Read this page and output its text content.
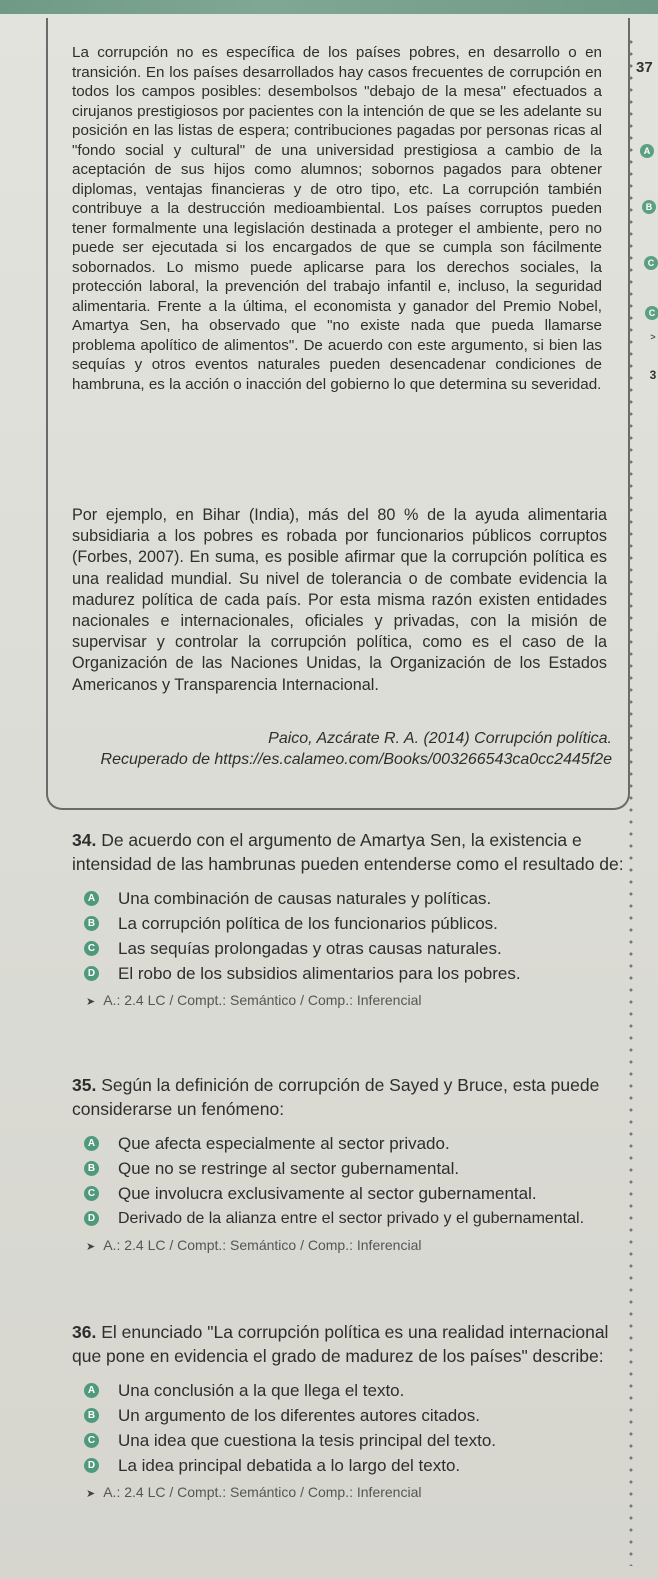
La corrupción no es específica de los países pobres, en desarrollo o en transición. En los países desarrollados hay casos frecuentes de corrupción en todos los campos posibles: desembolsos "debajo de la mesa" efectuados a cirujanos prestigiosos por pacientes con la intención de que se les adelante su posición en las listas de espera; contribuciones pagadas por personas ricas al "fondo social y cultural" de una universidad prestigiosa a cambio de la aceptación de sus hijos como alumnos; sobornos pagados para obtener diplomas, ventajas financieras y de otro tipo, etc. La corrupción también contribuye a la destrucción medioambiental. Los países corruptos pueden tener formalmente una legislación destinada a proteger el ambiente, pero no puede ser ejecutada si los encargados de que se cumpla son fácilmente sobornados. Lo mismo puede aplicarse para los derechos sociales, la protección laboral, la prevención del trabajo infantil e, incluso, la seguridad alimentaria. Frente a la última, el economista y ganador del Premio Nobel, Amartya Sen, ha observado que "no existe nada que pueda llamarse problema apolítico de alimentos". De acuerdo con este argumento, si bien las sequías y otros eventos naturales pueden desencadenar condiciones de hambruna, es la acción o inacción del gobierno lo que determina su severidad.
Por ejemplo, en Bihar (India), más del 80 % de la ayuda alimentaria subsidiaria a los pobres es robada por funcionarios públicos corruptos (Forbes, 2007). En suma, es posible afirmar que la corrupción política es una realidad mundial. Su nivel de tolerancia o de combate evidencia la madurez política de cada país. Por esta misma razón existen entidades nacionales e internacionales, oficiales y privadas, con la misión de supervisar y controlar la corrupción política, como es el caso de la Organización de las Naciones Unidas, la Organización de los Estados Americanos y Transparencia Internacional.
Paico, Azcárate R. A. (2014) Corrupción política.
Recuperado de https://es.calameo.com/Books/003266543ca0cc2445f2e
37
A
B
C
C
>
3
34. De acuerdo con el argumento de Amartya Sen, la existencia e intensidad de las hambrunas pueden entenderse como el resultado de:
A Una combinación de causas naturales y políticas.
B La corrupción política de los funcionarios públicos.
C Las sequías prolongadas y otras causas naturales.
D El robo de los subsidios alimentarios para los pobres.
➤ A.: 2.4 LC / Compt.: Semántico / Comp.: Inferencial
35. Según la definición de corrupción de Sayed y Bruce, esta puede considerarse un fenómeno:
A Que afecta especialmente al sector privado.
B Que no se restringe al sector gubernamental.
C Que involucra exclusivamente al sector gubernamental.
D Derivado de la alianza entre el sector privado y el gubernamental.
➤ A.: 2.4 LC / Compt.: Semántico / Comp.: Inferencial
36. El enunciado "La corrupción política es una realidad internacional que pone en evidencia el grado de madurez de los países" describe:
A Una conclusión a la que llega el texto.
B Un argumento de los diferentes autores citados.
C Una idea que cuestiona la tesis principal del texto.
D La idea principal debatida a lo largo del texto.
➤ A.: 2.4 LC / Compt.: Semántico / Comp.: Inferencial
